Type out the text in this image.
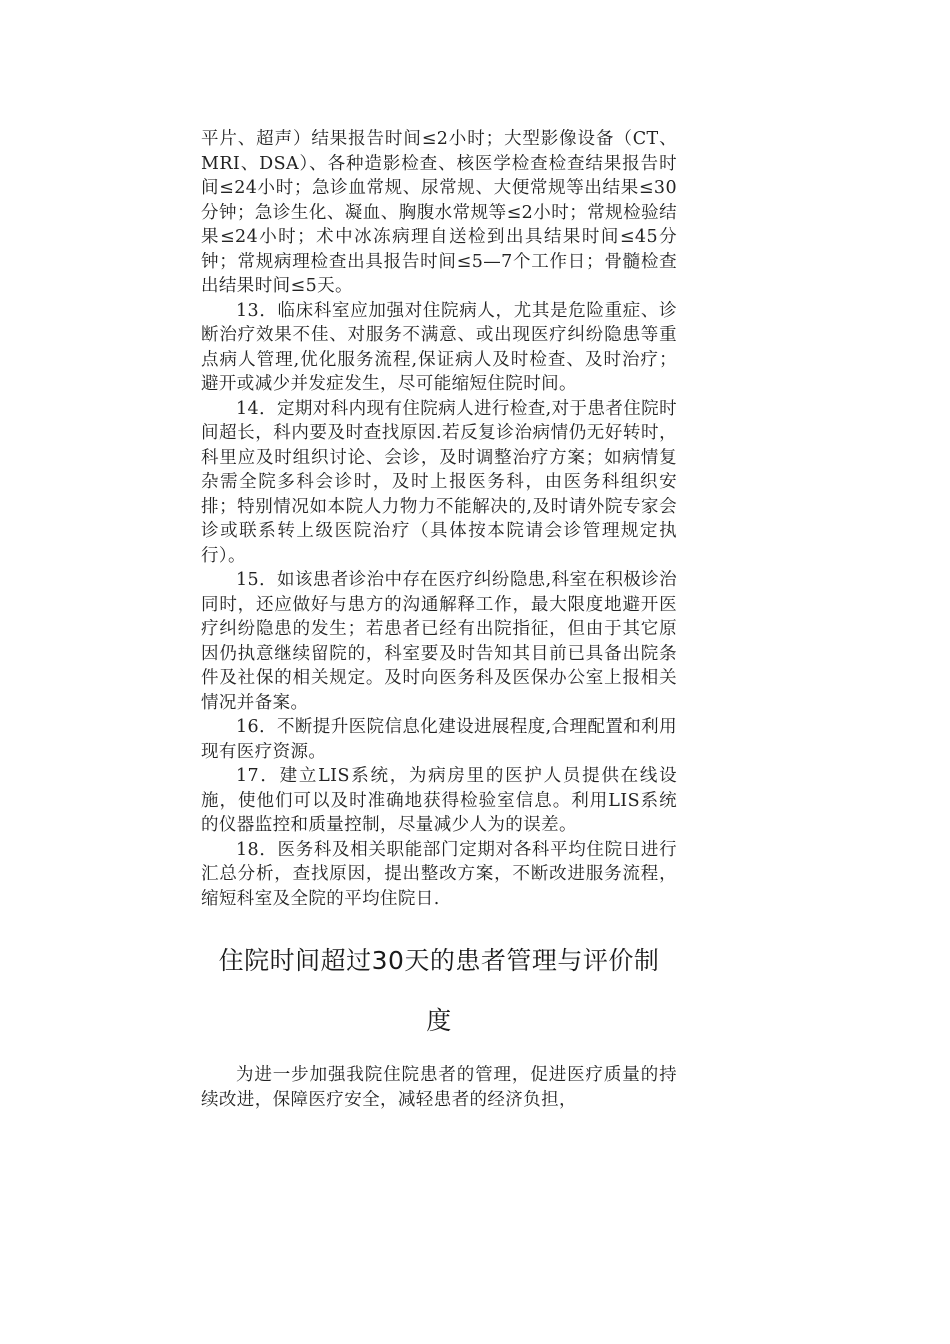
平片、超声）结果报告时间≤2小时；大型影像设备（CT、MRI、DSA）、各种造影检查、核医学检查检查结果报告时间≤24小时；急诊血常规、尿常规、大便常规等出结果≤30分钟；急诊生化、凝血、胸腹水常规等≤2小时；常规检验结果≤24小时；术中冰冻病理自送检到出具结果时间≤45分钟；常规病理检查出具报告时间≤5—7个工作日；骨髓检查出结果时间≤5天。

13．临床科室应加强对住院病人，尤其是危险重症、诊断治疗效果不佳、对服务不满意、或出现医疗纠纷隐患等重点病人管理,优化服务流程,保证病人及时检查、及时治疗；避开或减少并发症发生，尽可能缩短住院时间。

14．定期对科内现有住院病人进行检查,对于患者住院时间超长，科内要及时查找原因.若反复诊治病情仍无好转时，科里应及时组织讨论、会诊，及时调整治疗方案；如病情复杂需全院多科会诊时，及时上报医务科，由医务科组织安排；特别情况如本院人力物力不能解决的,及时请外院专家会诊或联系转上级医院治疗（具体按本院请会诊管理规定执行）。

15．如该患者诊治中存在医疗纠纷隐患,科室在积极诊治同时，还应做好与患方的沟通解释工作，最大限度地避开医疗纠纷隐患的发生；若患者已经有出院指征，但由于其它原因仍执意继续留院的，科室要及时告知其目前已具备出院条件及社保的相关规定。及时向医务科及医保办公室上报相关情况并备案。

16．不断提升医院信息化建设进展程度,合理配置和利用现有医疗资源。

17．建立LIS系统，为病房里的医护人员提供在线设施，使他们可以及时准确地获得检验室信息。利用LIS系统的仪器监控和质量控制，尽量减少人为的误差。

18．医务科及相关职能部门定期对各科平均住院日进行汇总分析，查找原因，提出整改方案，不断改进服务流程，缩短科室及全院的平均住院日.

住院时间超过30天的患者管理与评价制
度

为进一步加强我院住院患者的管理，促进医疗质量的持续改进，保障医疗安全，减轻患者的经济负担，
